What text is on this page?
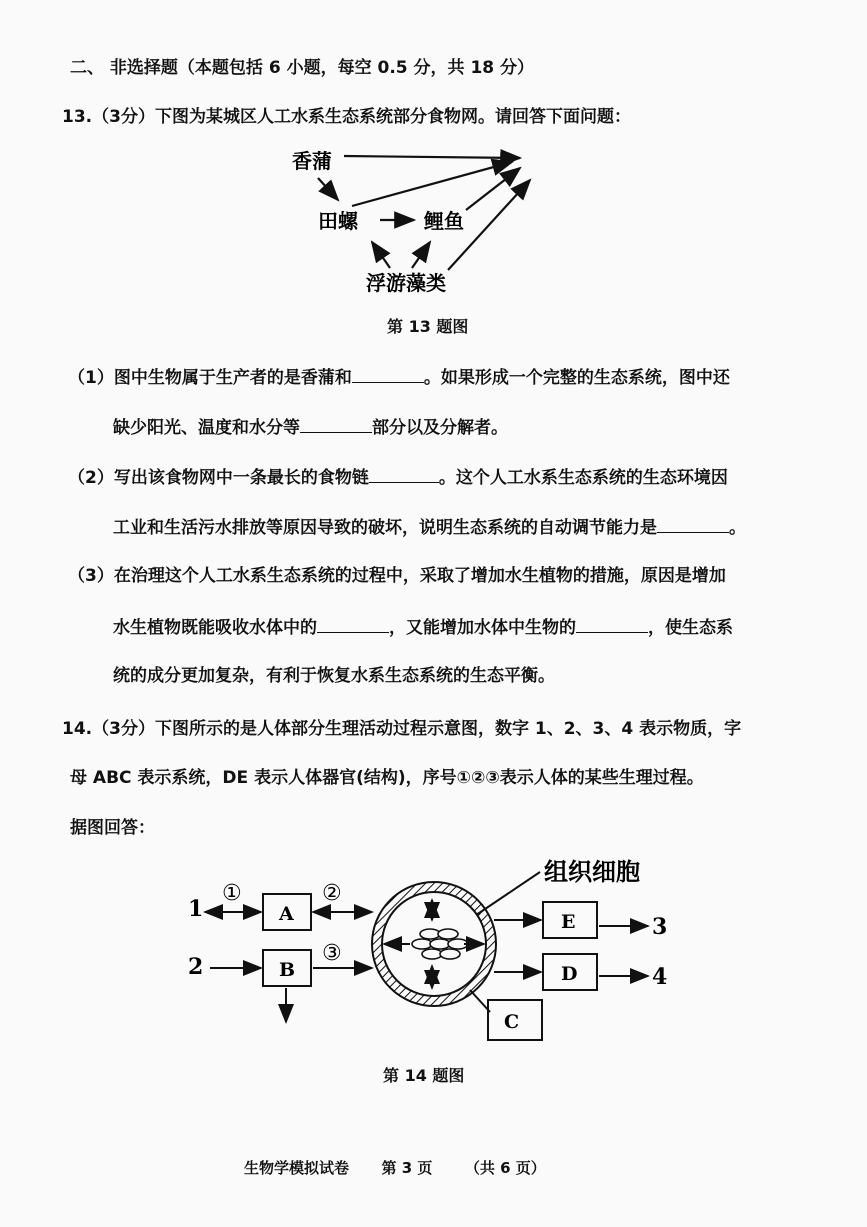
二、 非选择题（本题包括 6 小题，每空 0.5 分，共 18 分）
13.（3分）下图为某城区人工水系生态系统部分食物网。请回答下面问题：
香蒲
田螺	鲤鱼
浮游藻类
第 13 题图
（1）图中生物属于生产者的是香蒲和	。如果形成一个完整的生态系统，图中还
缺少阳光、温度和水分等	部分以及分解者。
（2）写出该食物网中一条最长的食物链	。这个人工水系生态系统的生态环境因
工业和生活污水排放等原因导致的破坏，说明生态系统的自动调节能力是	。
（3）在治理这个人工水系生态系统的过程中，采取了增加水生植物的措施，原因是增加
水生植物既能吸收水体中的	，又能增加水体中生物的	，使生态系
统的成分更加复杂，有利于恢复水系生态系统的生态平衡。
14.（3分）下图所示的是人体部分生理活动过程示意图，数字 1、2、3、4 表示物质，字
母 ABC 表示系统，DE 表示人体器官(结构)，序号①②③表示人体的某些生理过程。
据图回答：
组织细胞
1
2
3
4
①	②
③
A
B
E
D
C
第 14 题图
生物学模拟试卷 第 3 页 （共 6 页）
